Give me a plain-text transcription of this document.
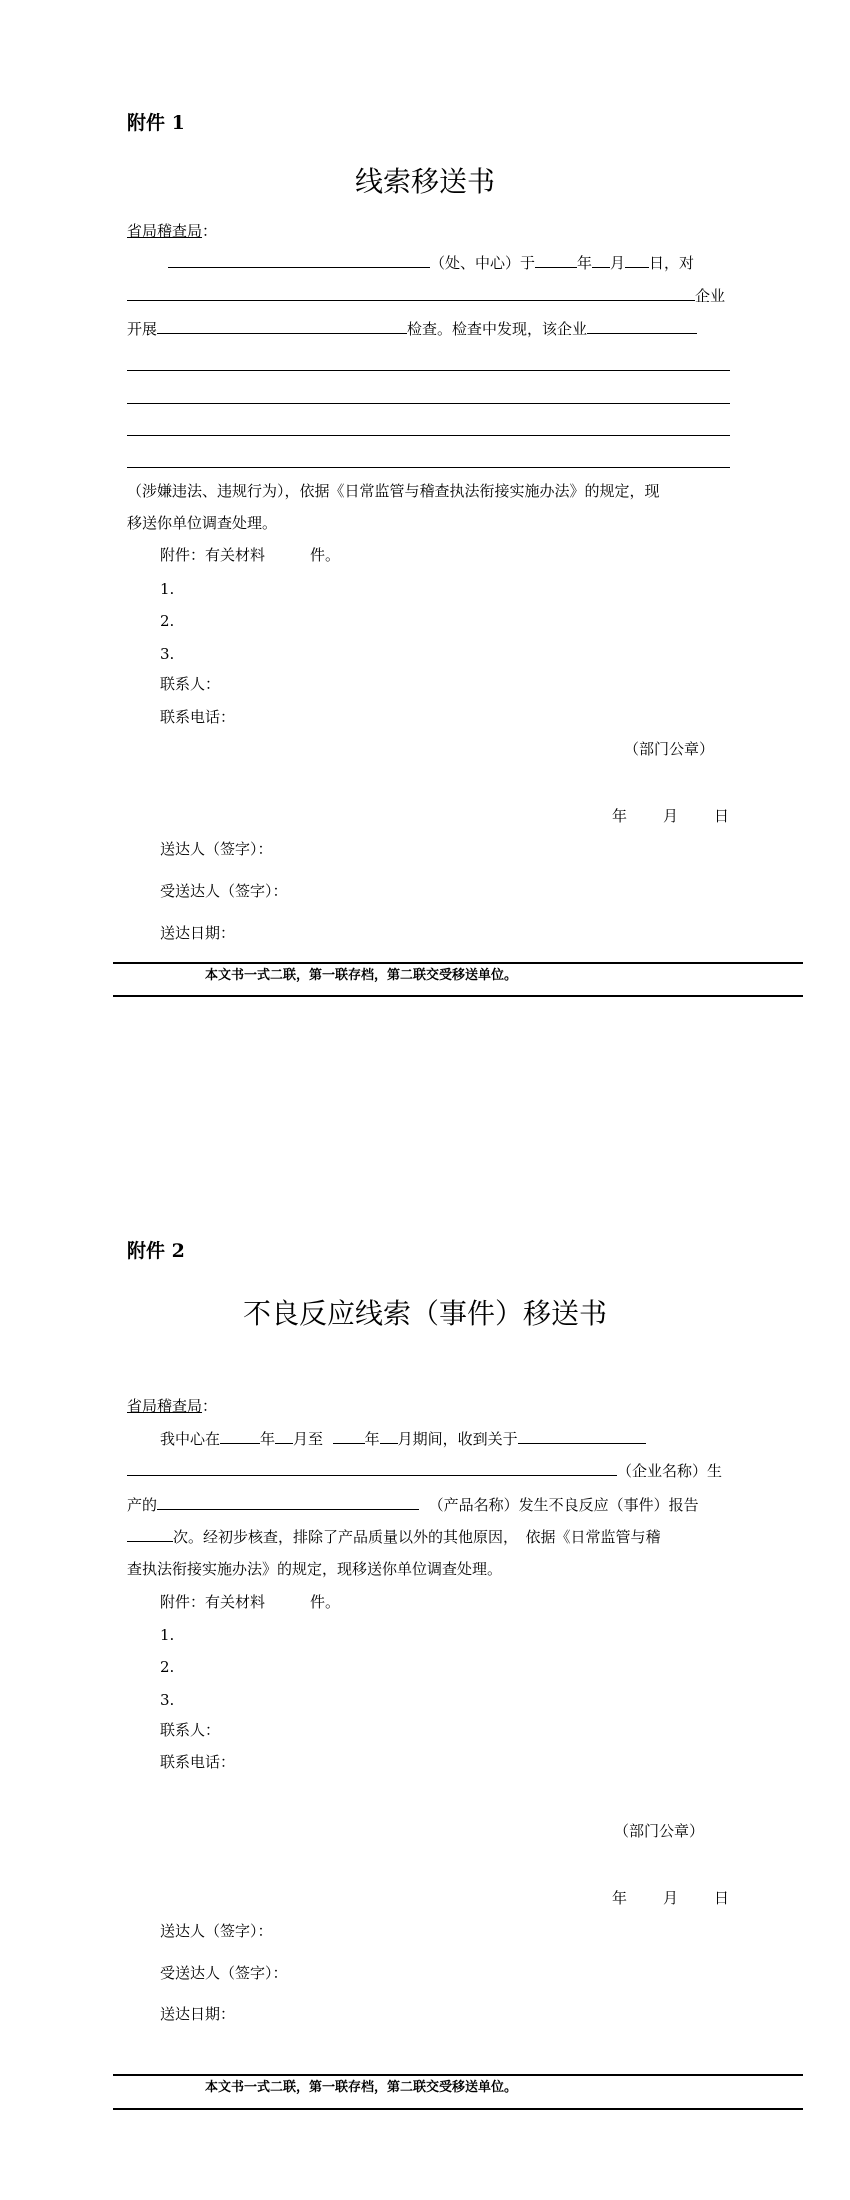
附件 1
线索移送书
省局稽查局：
（处、中心）于	年 月 日，对
企业
开展	检查。检查中发现，该企业
（涉嫌违法、违规行为），依据《日常监管与稽查执法衔接实施办法》的规定，现
移送你单位调查处理。
附件：有关材料　　　件。
1.
2.
3.
联系人：
联系电话：
（部门公章）
年 月 日
送达人（签字）：
受送达人（签字）：
送达日期：
本文书一式二联，第一联存档，第二联交受移送单位。
附件 2
不良反应线索（事件）移送书
省局稽查局：
我中心在	年 月至	年 月期间，收到关于
（企业名称）生
产的	（产品名称）发生不良反应（事件）报告
次。经初步核查，排除了产品质量以外的其他原因，　依据《日常监管与稽
查执法衔接实施办法》的规定，现移送你单位调查处理。
附件：有关材料　　　件。
1.
2.
3.
联系人：
联系电话：
（部门公章）
年 月 日
送达人（签字）：
受送达人（签字）：
送达日期：
本文书一式二联，第一联存档，第二联交受移送单位。
